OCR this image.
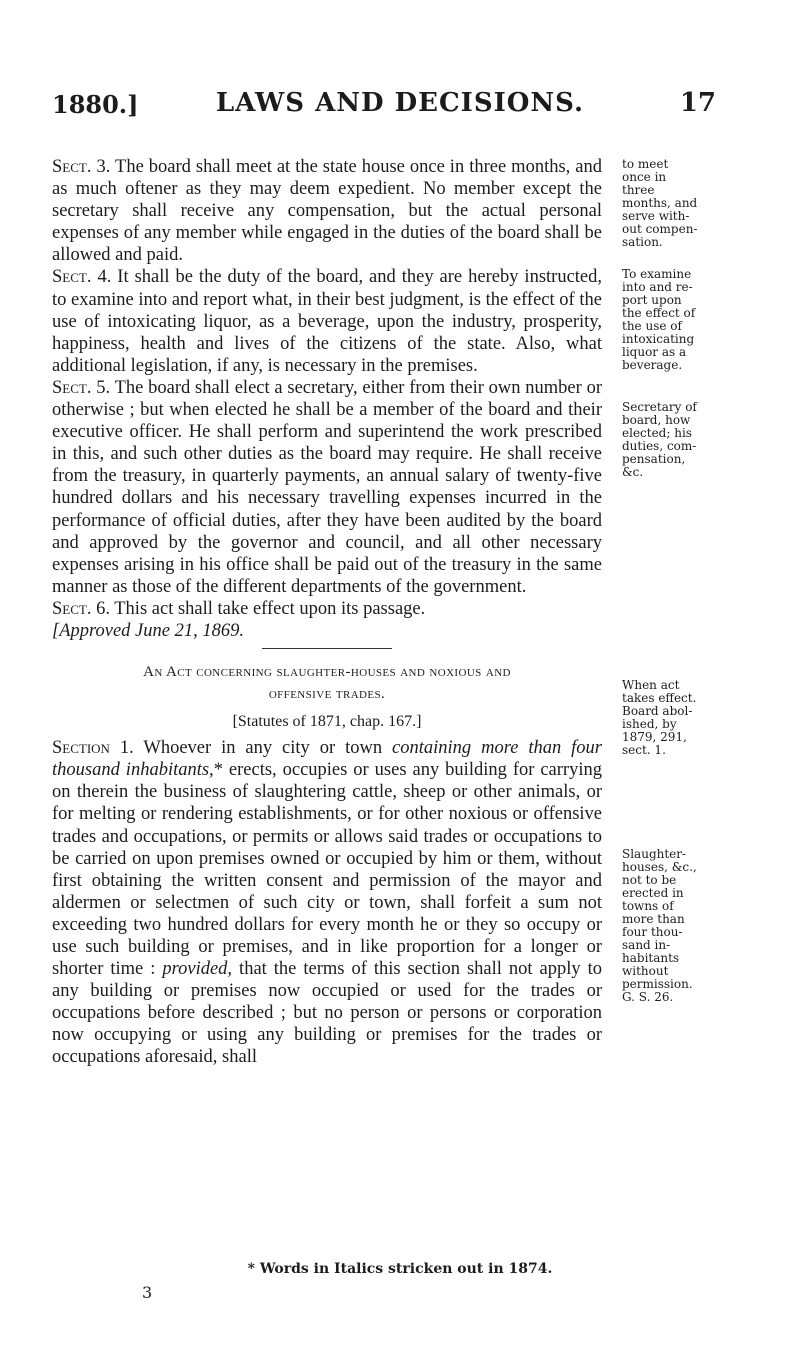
1880.]	LAWS AND DECISIONS.	17

Sect. 3. The board shall meet at the state house once in three months, and as much oftener as they may deem expedient. No member except the secretary shall receive any compensation, but the actual personal expenses of any member while engaged in the duties of the board shall be allowed and paid.

Sect. 4. It shall be the duty of the board, and they are hereby instructed, to examine into and report what, in their best judgment, is the effect of the use of intoxicating liquor, as a beverage, upon the industry, prosperity, happiness, health and lives of the citizens of the state. Also, what additional legislation, if any, is necessary in the premises.

Sect. 5. The board shall elect a secretary, either from their own number or otherwise ; but when elected he shall be a member of the board and their executive officer. He shall perform and superintend the work prescribed in this, and such other duties as the board may require. He shall receive from the treasury, in quarterly payments, an annual salary of twenty-five hundred dollars and his necessary travelling expenses incurred in the performance of official duties, after they have been audited by the board and approved by the governor and council, and all other necessary expenses arising in his office shall be paid out of the treasury in the same manner as those of the different departments of the government.

Sect. 6. This act shall take effect upon its passage.

[Approved June 21, 1869.

An Act concerning slaughter-houses and noxious and
offensive trades.
[Statutes of 1871, chap. 167.]

Section 1. Whoever in any city or town containing more than four thousand inhabitants,* erects, occupies or uses any building for carrying on therein the business of slaughtering cattle, sheep or other animals, or for melting or rendering establishments, or for other noxious or offensive trades and occupations, or permits or allows said trades or occupations to be carried on upon premises owned or occupied by him or them, without first obtaining the written consent and permission of the mayor and aldermen or selectmen of such city or town, shall forfeit a sum not exceeding two hundred dollars for every month he or they so occupy or use such building or premises, and in like proportion for a longer or shorter time : provided, that the terms of this section shall not apply to any building or premises now occupied or used for the trades or occupations before described ; but no person or persons or corporation now occupying or using any building or premises for the trades or occupations aforesaid, shall

to meet
once in
three
months, and
serve with-
out compen-
sation.
To examine
into and re-
port upon
the effect of
the use of
intoxicating
liquor as a
beverage.
Secretary of
board, how
elected; his
duties, com-
pensation,
&c.
When act
takes effect.
Board abol-
ished, by
1879, 291,
sect. 1.
Slaughter-
houses, &c.,
not to be
erected in
towns of
more than
four thou-
sand in-
habitants
without
permission.
G. S. 26.
* Words in Italics stricken out in 1874.
3
